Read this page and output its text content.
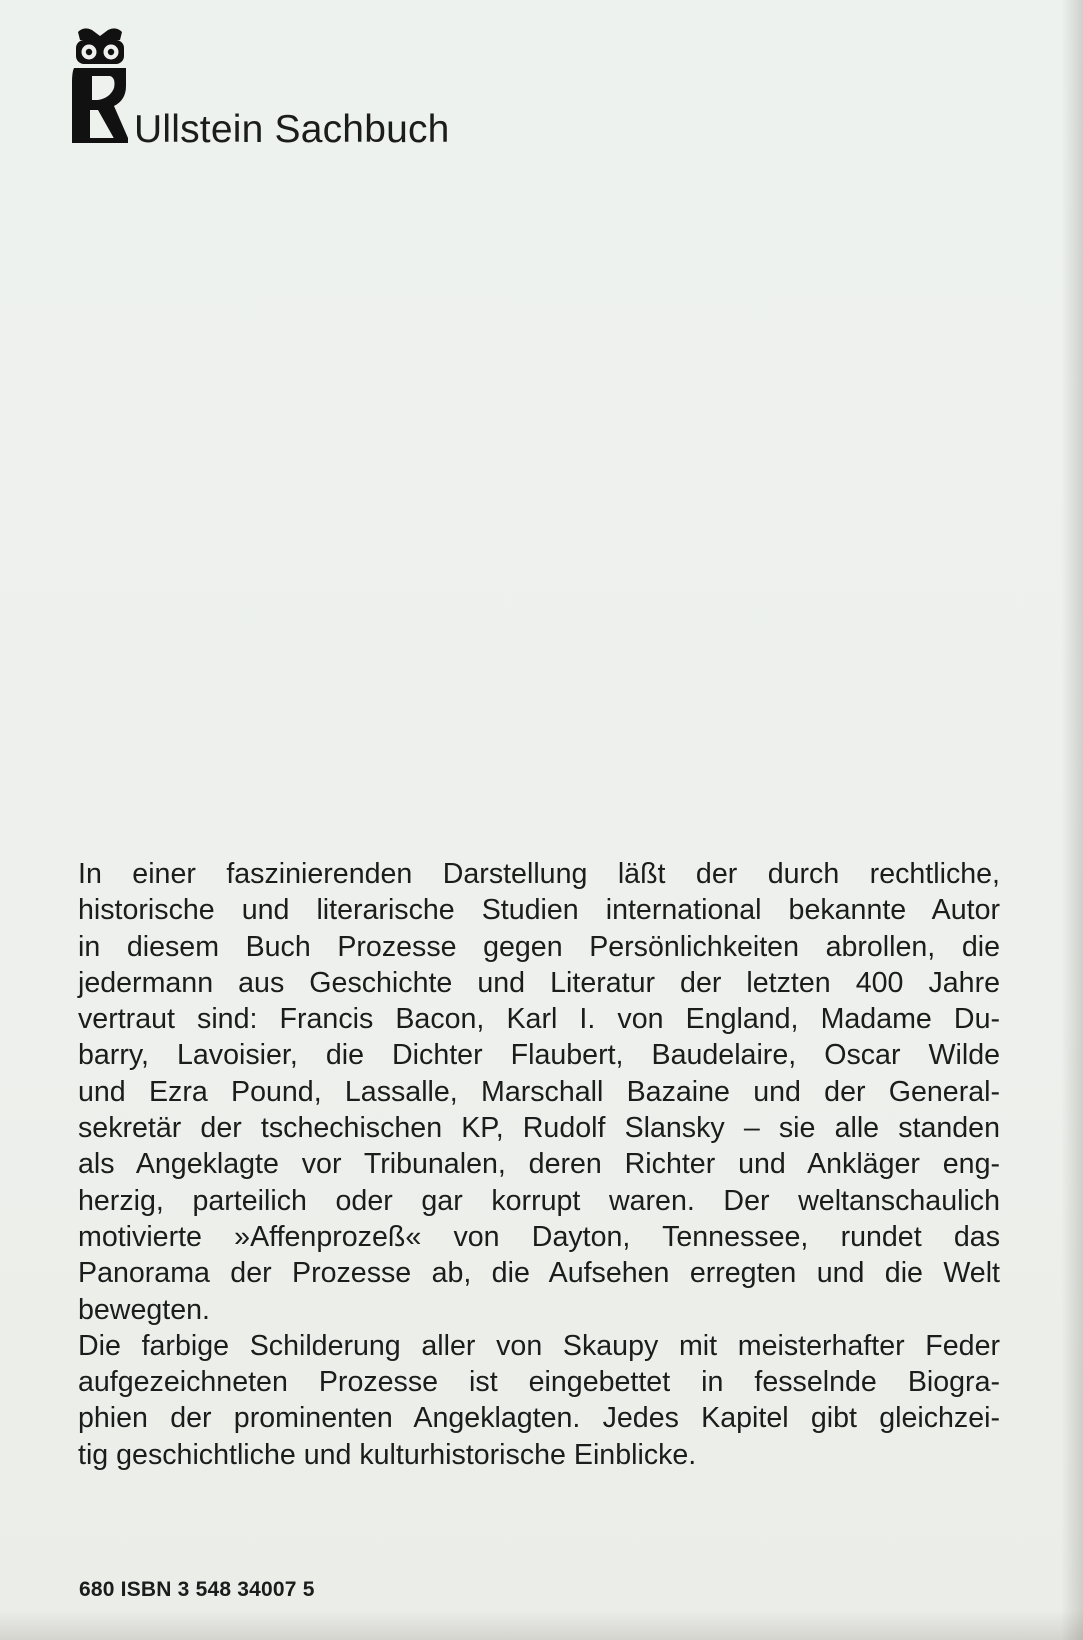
Ullstein Sachbuch
In einer faszinierenden Darstellung läßt der durch rechtliche,
historische und literarische Studien international bekannte Autor
in diesem Buch Prozesse gegen Persönlichkeiten abrollen, die
jedermann aus Geschichte und Literatur der letzten 400 Jahre
vertraut sind: Francis Bacon, Karl I. von England, Madame Du-
barry, Lavoisier, die Dichter Flaubert, Baudelaire, Oscar Wilde
und Ezra Pound, Lassalle, Marschall Bazaine und der General-
sekretär der tschechischen KP, Rudolf Slansky – sie alle standen
als Angeklagte vor Tribunalen, deren Richter und Ankläger eng-
herzig, parteilich oder gar korrupt waren. Der weltanschaulich
motivierte »Affenprozeß« von Dayton, Tennessee, rundet das
Panorama der Prozesse ab, die Aufsehen erregten und die Welt
bewegten.
Die farbige Schilderung aller von Skaupy mit meisterhafter Feder
aufgezeichneten Prozesse ist eingebettet in fesselnde Biogra-
phien der prominenten Angeklagten. Jedes Kapitel gibt gleichzei-
tig geschichtliche und kulturhistorische Einblicke.
680 ISBN 3 548 34007 5
